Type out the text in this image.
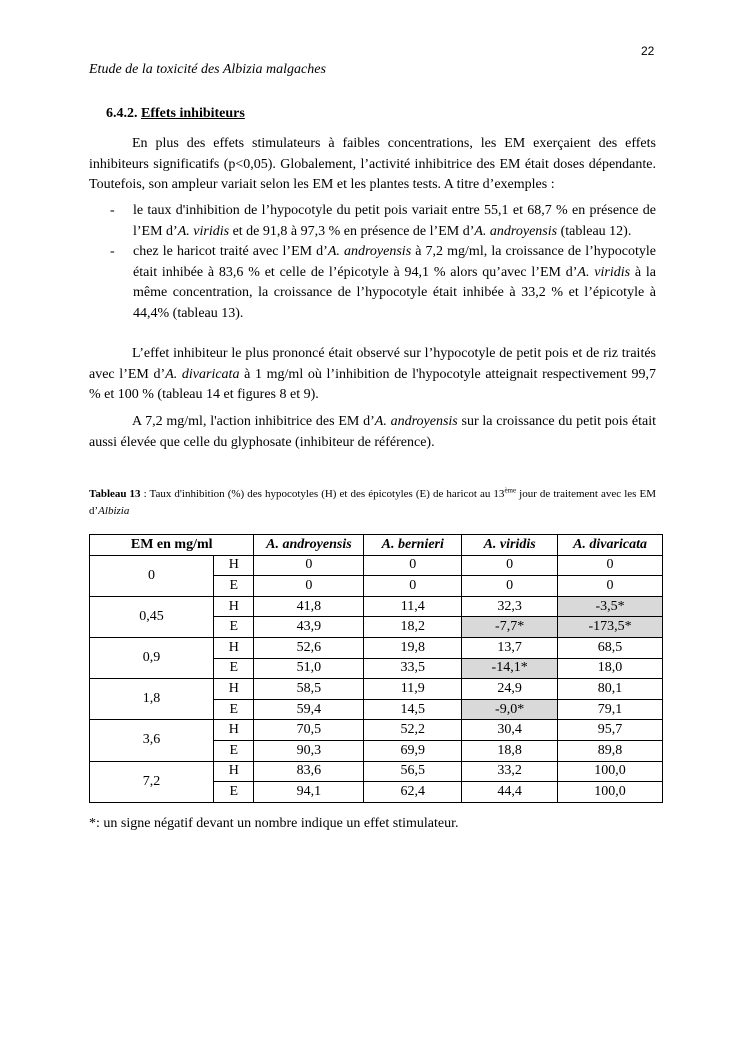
22
Etude de la toxicité des Albizia malgaches
6.4.2. Effets inhibiteurs
En plus des effets stimulateurs à faibles concentrations, les EM exerçaient des effets inhibiteurs significatifs (p<0,05). Globalement, l’activité inhibitrice des EM était doses dépendante. Toutefois, son ampleur variait selon les EM et les plantes tests. A titre d’exemples :
- le taux d'inhibition de l’hypocotyle du petit pois variait entre 55,1 et 68,7 % en présence de l’EM d’A. viridis et de 91,8 à 97,3 % en présence de l’EM d’A. androyensis (tableau 12).
- chez le haricot traité avec l’EM d’A. androyensis à 7,2 mg/ml, la croissance de l’hypocotyle était inhibée à 83,6 % et celle de l’épicotyle à 94,1 % alors qu’avec l’EM d’A. viridis à la même concentration, la croissance de l’hypocotyle était inhibée à 33,2 % et l’épicotyle à 44,4% (tableau 13).
L’effet inhibiteur le plus prononcé était observé sur l’hypocotyle de petit pois et de riz traités avec l’EM d’A. divaricata à 1 mg/ml où l’inhibition de l'hypocotyle atteignait respectivement 99,7 % et 100 % (tableau 14 et figures 8 et 9).
A 7,2 mg/ml, l'action inhibitrice des EM d’A. androyensis sur la croissance du petit pois était aussi élevée que celle du glyphosate (inhibiteur de référence).
Tableau 13 : Taux d'inhibition (%) des hypocotyles (H) et des épicotyles (E) de haricot au 13ème jour de traitement avec les EM d’Albizia
EM en mg/ml		A. androyensis	A. bernieri	A. viridis	A. divaricata
0	H	0	0	0	0
	E	0	0	0	0
0,45	H	41,8	11,4	32,3	-3,5*
	E	43,9	18,2	-7,7*	-173,5*
0,9	H	52,6	19,8	13,7	68,5
	E	51,0	33,5	-14,1*	18,0
1,8	H	58,5	11,9	24,9	80,1
	E	59,4	14,5	-9,0*	79,1
3,6	H	70,5	52,2	30,4	95,7
	E	90,3	69,9	18,8	89,8
7,2	H	83,6	56,5	33,2	100,0
	E	94,1	62,4	44,4	100,0
*: un signe négatif devant un nombre indique un effet stimulateur.
